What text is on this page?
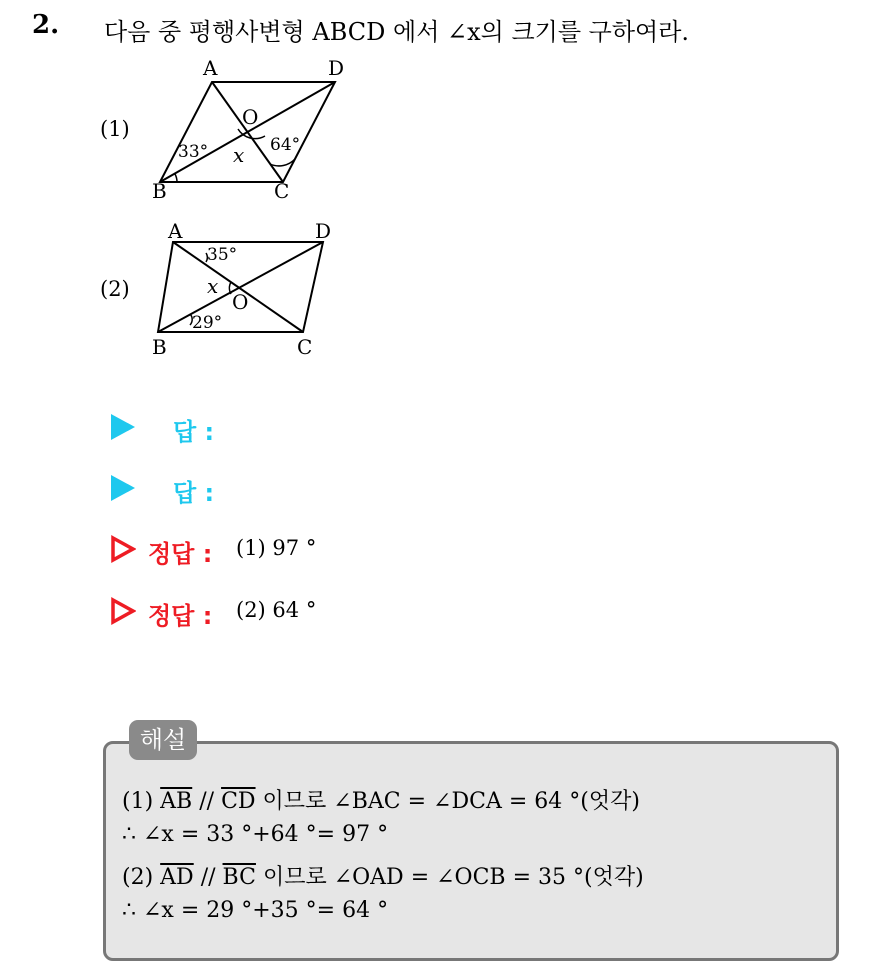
2. 다음 중 평행사변형 ABCD 에서 ∠x의 크기를 구하여라.
(1)
A	D
B	C
O
33°	64°
x
(2)
A	D
B	C
O
35°
29°
x
답 :
답 :
정답 : (1) 97 °
정답 : (2) 64 °
해설
(1) $\overline{AB} // \overline{CD}$ 이므로 ∠BAC = ∠DCA = 64 °(엇각)
∴ ∠x = 33 °+64 °= 97 °
(2) $\overline{AD} // \overline{BC}$ 이므로 ∠OAD = ∠OCB = 35 °(엇각)
∴ ∠x = 29 °+35 °= 64 °
